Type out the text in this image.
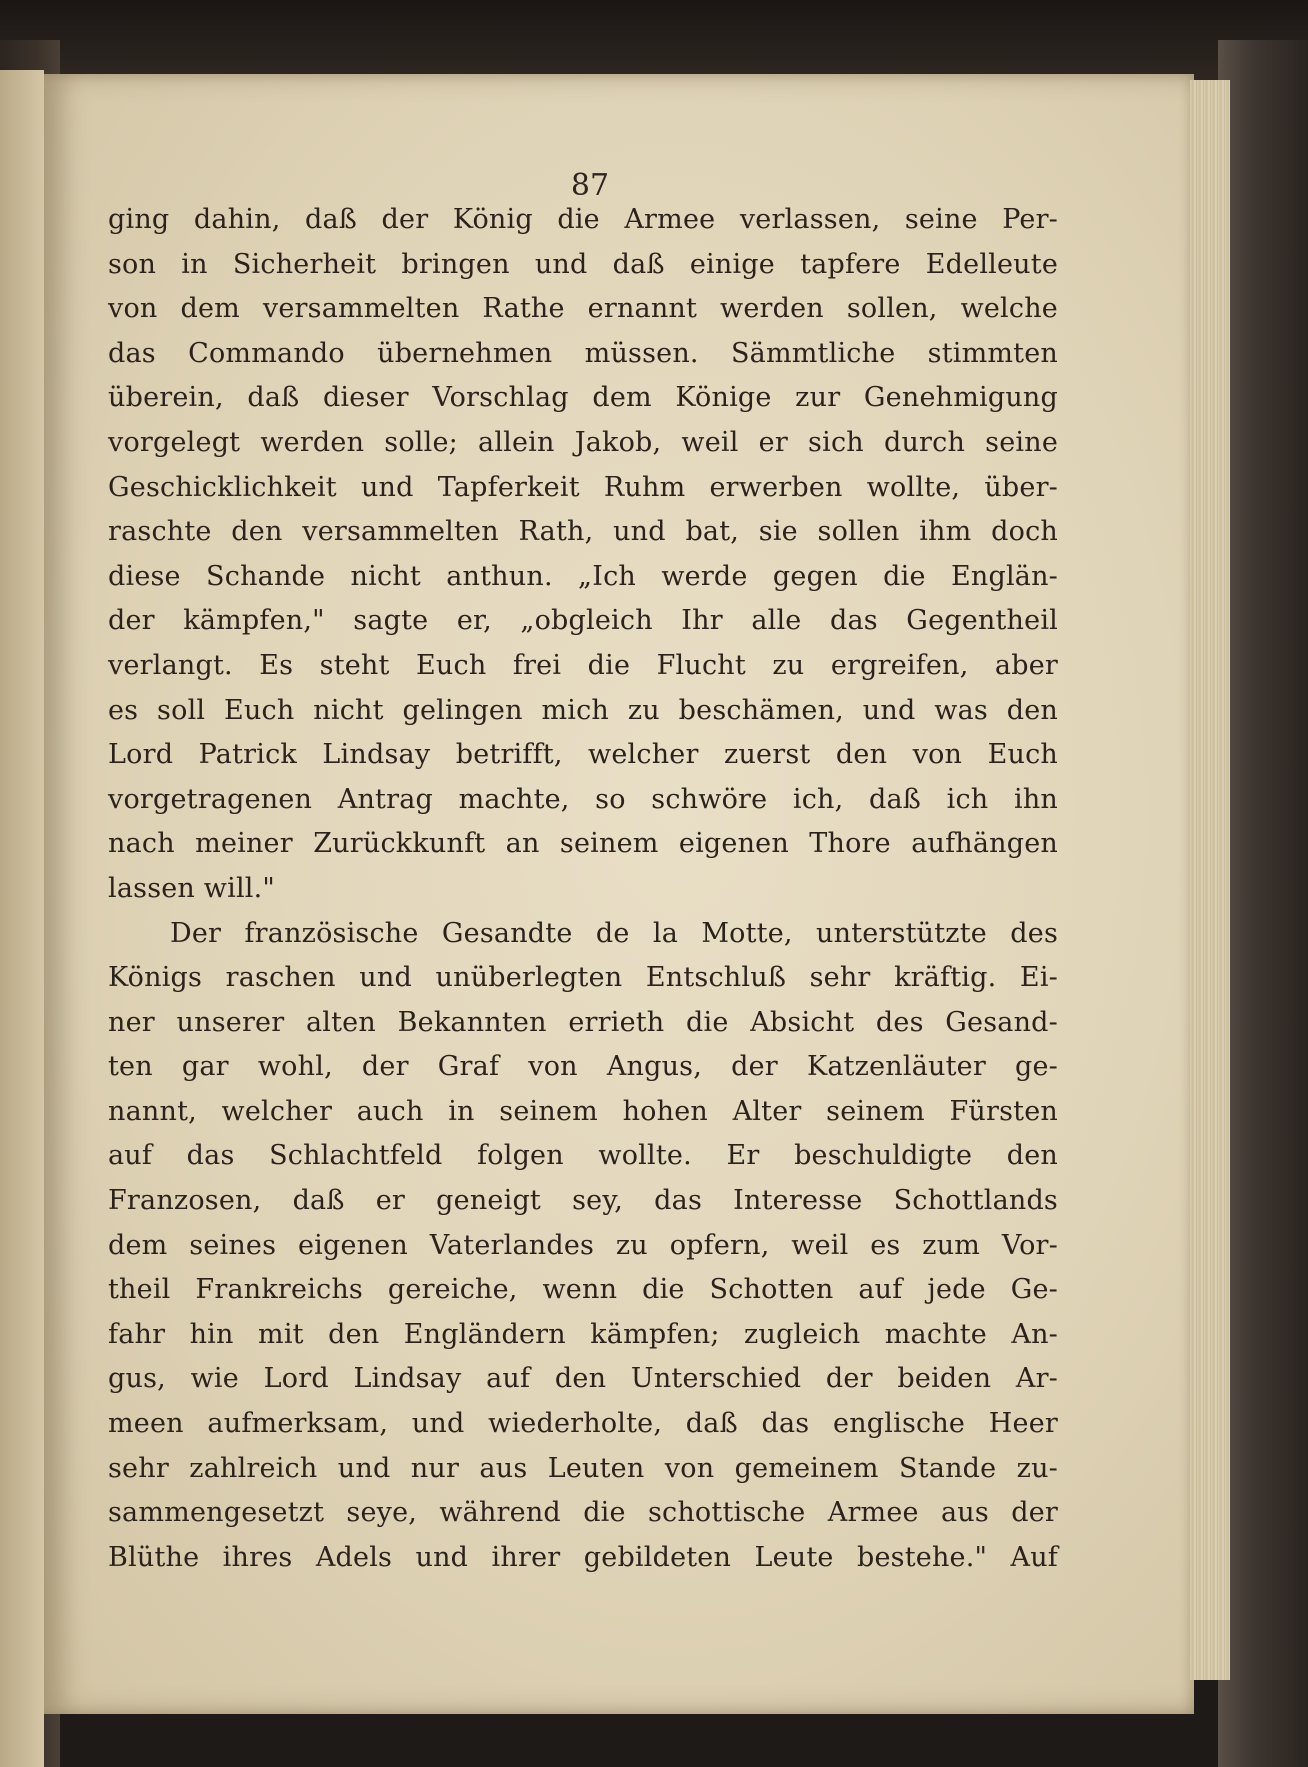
87
ging dahin, daß der König die Armee verlassen, seine Per-
son in Sicherheit bringen und daß einige tapfere Edelleute
von dem versammelten Rathe ernannt werden sollen, welche
das Commando übernehmen müssen. Sämmtliche stimmten
überein, daß dieser Vorschlag dem Könige zur Genehmigung
vorgelegt werden solle; allein Jakob, weil er sich durch seine
Geschicklichkeit und Tapferkeit Ruhm erwerben wollte, über-
raschte den versammelten Rath, und bat, sie sollen ihm doch
diese Schande nicht anthun. „Ich werde gegen die Englän-
der kämpfen," sagte er, „obgleich Ihr alle das Gegentheil
verlangt. Es steht Euch frei die Flucht zu ergreifen, aber
es soll Euch nicht gelingen mich zu beschämen, und was den
Lord Patrick Lindsay betrifft, welcher zuerst den von Euch
vorgetragenen Antrag machte, so schwöre ich, daß ich ihn
nach meiner Zurückkunft an seinem eigenen Thore aufhängen
lassen will."
Der französische Gesandte de la Motte, unterstützte des
Königs raschen und unüberlegten Entschluß sehr kräftig. Ei-
ner unserer alten Bekannten errieth die Absicht des Gesand-
ten gar wohl, der Graf von Angus, der Katzenläuter ge-
nannt, welcher auch in seinem hohen Alter seinem Fürsten
auf das Schlachtfeld folgen wollte. Er beschuldigte den
Franzosen, daß er geneigt sey, das Interesse Schottlands
dem seines eigenen Vaterlandes zu opfern, weil es zum Vor-
theil Frankreichs gereiche, wenn die Schotten auf jede Ge-
fahr hin mit den Engländern kämpfen; zugleich machte An-
gus, wie Lord Lindsay auf den Unterschied der beiden Ar-
meen aufmerksam, und wiederholte, daß das englische Heer
sehr zahlreich und nur aus Leuten von gemeinem Stande zu-
sammengesetzt seye, während die schottische Armee aus der
Blüthe ihres Adels und ihrer gebildeten Leute bestehe." Auf
